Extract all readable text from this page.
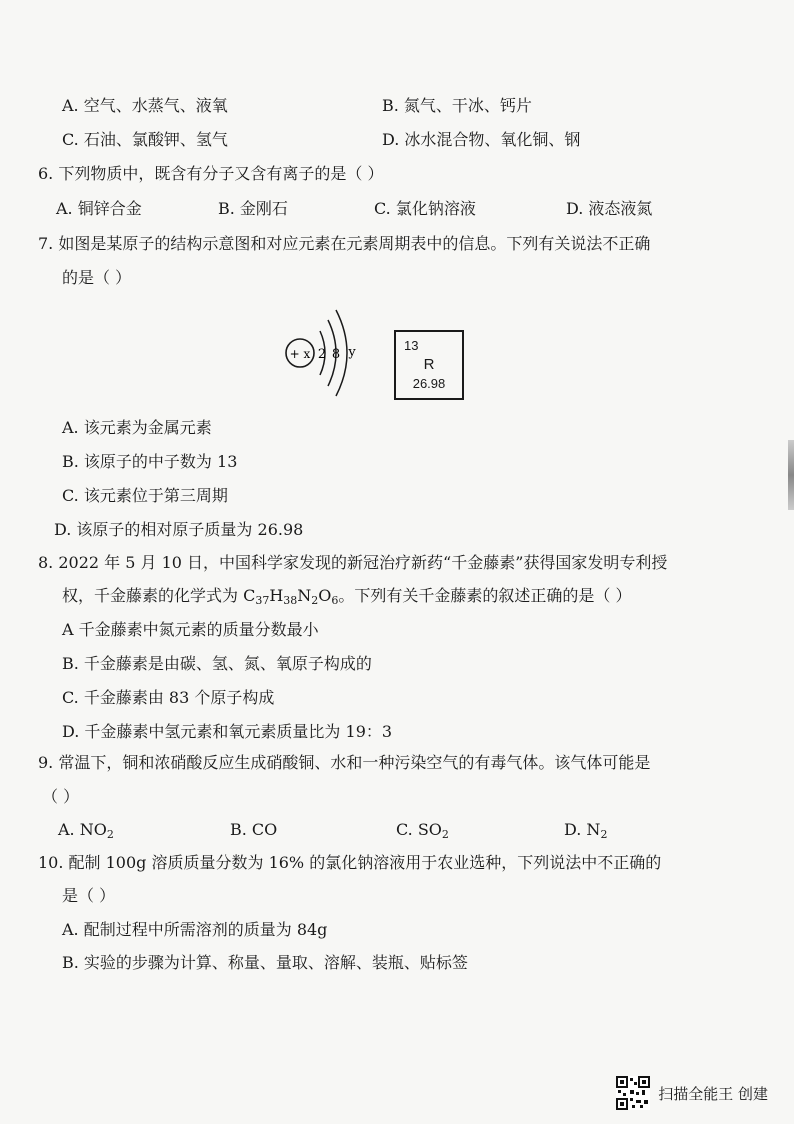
A. 空气、水蒸气、液氧	B. 氮气、干冰、钙片
C. 石油、氯酸钾、氢气	D. 冰水混合物、氧化铜、钢
6. 下列物质中，既含有分子又含有离子的是（ ）
A. 铜锌合金	B. 金刚石	C. 氯化钠溶液	D. 液态液氮
7. 如图是某原子的结构示意图和对应元素在元素周期表中的信息。下列有关说法不正确
的是（ ）
+ x 2 8 y	13
R
26.98
A. 该元素为金属元素
B. 该原子的中子数为 13
C. 该元素位于第三周期
D. 该原子的相对原子质量为 26.98
8. 2022 年 5 月 10 日，中国科学家发现的新冠治疗新药“千金藤素”获得国家发明专利授
权，千金藤素的化学式为 $C_{37}H_{38}N_2O_6$。下列有关千金藤素的叙述正确的是（ ）
A 千金藤素中氮元素的质量分数最小
B. 千金藤素是由碳、氢、氮、氧原子构成的
C. 千金藤素由 83 个原子构成
D. 千金藤素中氢元素和氧元素质量比为 19：3
9. 常温下，铜和浓硝酸反应生成硝酸铜、水和一种污染空气的有毒气体。该气体可能是
（ ）
A. $NO_2$	B. CO	C. $SO_2$	D. $N_2$
10. 配制 100g 溶质质量分数为 16% 的氯化钠溶液用于农业选种，下列说法中不正确的
是（ ）
A. 配制过程中所需溶剂的质量为 84g
B. 实验的步骤为计算、称量、量取、溶解、装瓶、贴标签
扫描全能王 创建
